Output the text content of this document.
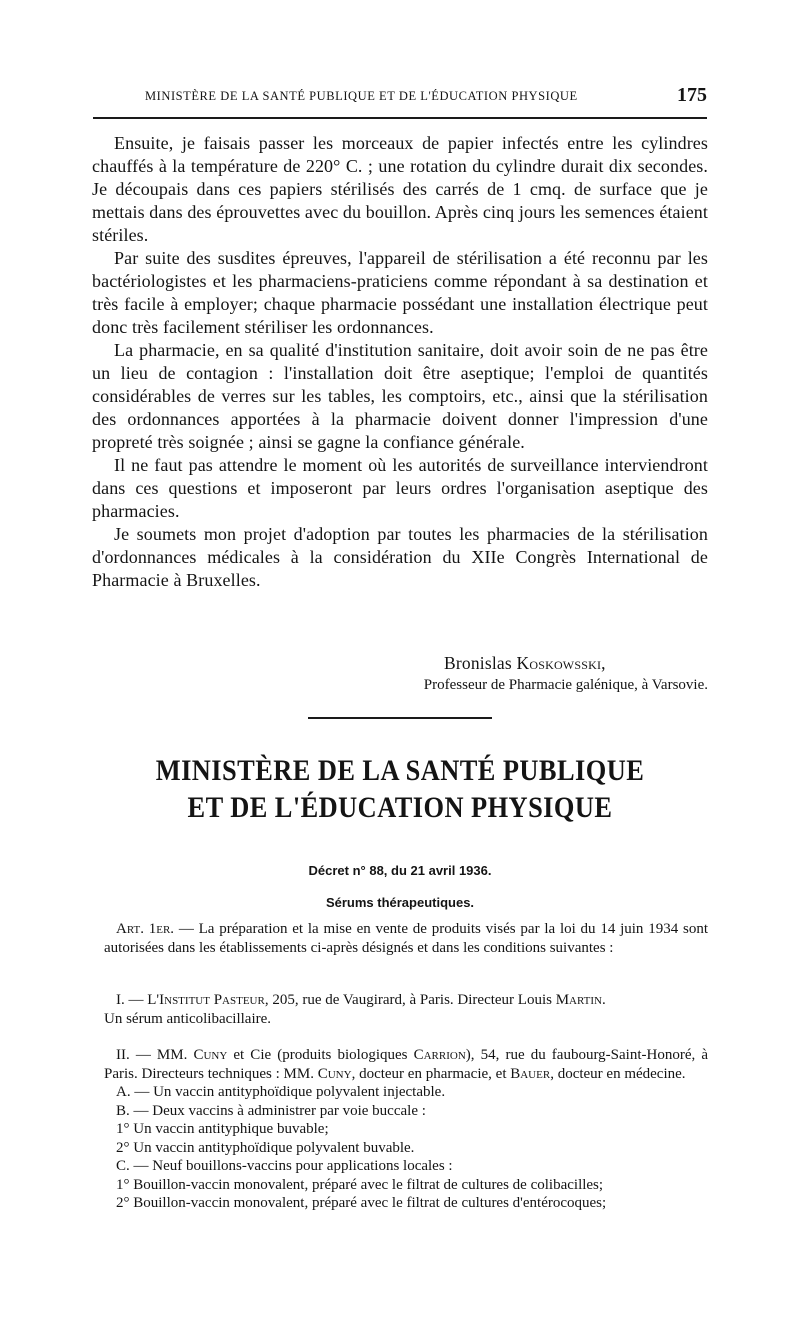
MINISTÈRE DE LA SANTÉ PUBLIQUE ET DE L'ÉDUCATION PHYSIQUE	175

Ensuite, je faisais passer les morceaux de papier infectés entre les cylindres chauffés à la température de 220° C. ; une rotation du cylindre durait dix secondes. Je découpais dans ces papiers stérilisés des carrés de 1 cmq. de surface que je mettais dans des éprouvettes avec du bouillon. Après cinq jours les semences étaient stériles.

Par suite des susdites épreuves, l'appareil de stérilisation a été reconnu par les bactériologistes et les pharmaciens-praticiens comme répondant à sa destination et très facile à employer; chaque pharmacie possédant une installation électrique peut donc très facilement stériliser les ordonnances.

La pharmacie, en sa qualité d'institution sanitaire, doit avoir soin de ne pas être un lieu de contagion : l'installation doit être aseptique; l'emploi de quantités considérables de verres sur les tables, les comptoirs, etc., ainsi que la stérilisation des ordonnances apportées à la pharmacie doivent donner l'impression d'une propreté très soignée ; ainsi se gagne la confiance générale.

Il ne faut pas attendre le moment où les autorités de surveillance interviendront dans ces questions et imposeront par leurs ordres l'organisation aseptique des pharmacies.

Je soumets mon projet d'adoption par toutes les pharmacies de la stérilisation d'ordonnances médicales à la considération du XIIe Congrès International de Pharmacie à Bruxelles.

Bronislas Koskowsski,
Professeur de Pharmacie galénique, à Varsovie.
MINISTÈRE DE LA SANTÉ PUBLIQUE
ET DE L'ÉDUCATION PHYSIQUE
Décret n° 88, du 21 avril 1936.
Sérums thérapeutiques.

Art. 1er. — La préparation et la mise en vente de produits visés par la loi du 14 juin 1934 sont autorisées dans les établissements ci-après désignés et dans les conditions suivantes :

I. — L'Institut Pasteur, 205, rue de Vaugirard, à Paris. Directeur Louis Martin.

Un sérum anticolibacillaire.

II. — MM. Cuny et Cie (produits biologiques Carrion), 54, rue du faubourg-Saint-Honoré, à Paris. Directeurs techniques : MM. Cuny, docteur en pharmacie, et Bauer, docteur en médecine.

A. — Un vaccin antityphoïdique polyvalent injectable.

B. — Deux vaccins à administrer par voie buccale :

1° Un vaccin antityphique buvable;

2° Un vaccin antityphoïdique polyvalent buvable.

C. — Neuf bouillons-vaccins pour applications locales :

1° Bouillon-vaccin monovalent, préparé avec le filtrat de cultures de colibacilles;

2° Bouillon-vaccin monovalent, préparé avec le filtrat de cultures d'entérocoques;
